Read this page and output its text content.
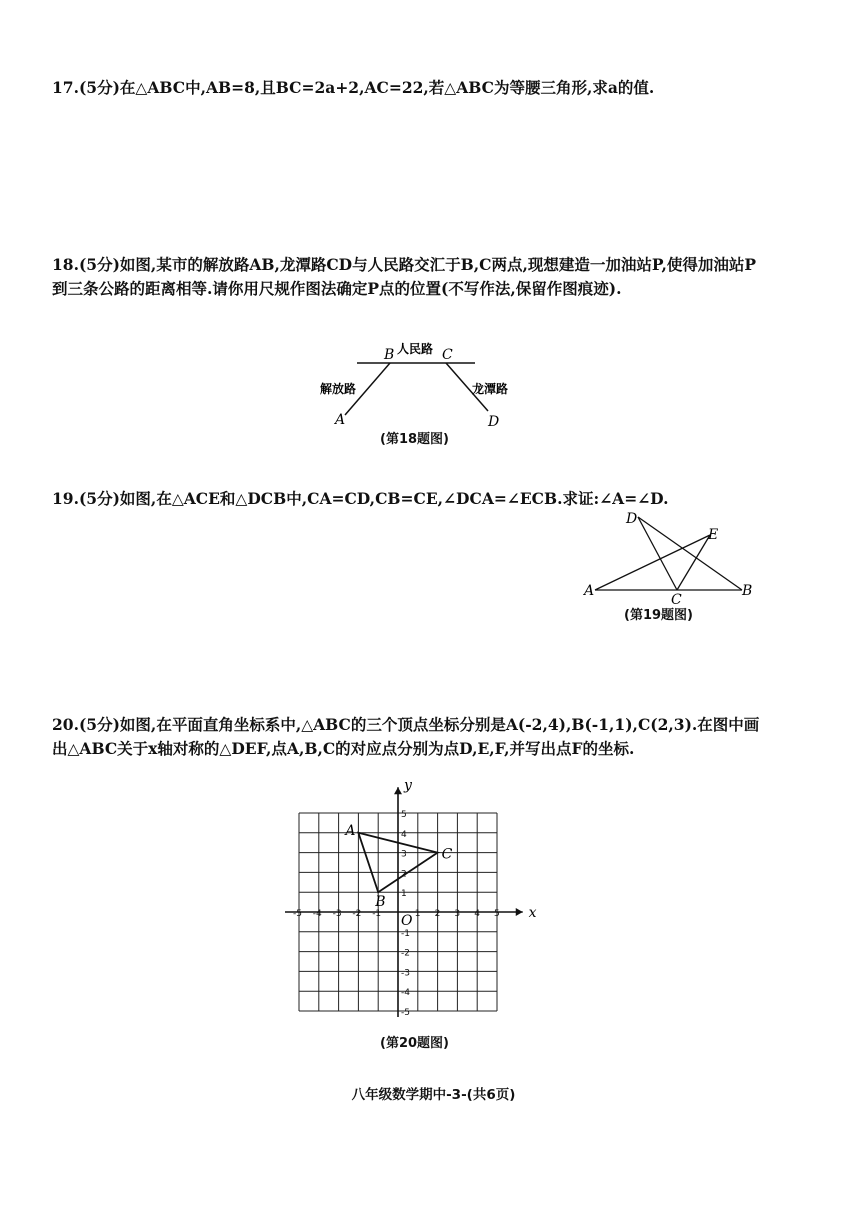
17.(5分)在△ABC中,AB=8,且BC=2a+2,AC=22,若△ABC为等腰三角形,求a的值.
18.(5分)如图,某市的解放路AB,龙潭路CD与人民路交汇于B,C两点,现想建造一加油站P,使得加油站P到三条公路的距离相等.请你用尺规作图法确定P点的位置(不写作法,保留作图痕迹).
人民路
解放路	龙潭路
A
B	C
D
(第18题图)
19.(5分)如图,在△ACE和△DCB中,CA=CD,CB=CE,∠DCA=∠ECB.求证:∠A=∠D.
A	B
C
D
E
(第19题图)
20.(5分)如图,在平面直角坐标系中,△ABC的三个顶点坐标分别是A(-2,4),B(-1,1),C(2,3).在图中画出△ABC关于x轴对称的△DEF,点A,B,C的对应点分别为点D,E,F,并写出点F的坐标.
x
y
O
-5 -4 -3 -2 -1	1 2 3 4 5
5
4
3
2
1
-1
-2
-3
-4
-5
A
B
C
(第20题图)
八年级数学期中-3-(共6页)
